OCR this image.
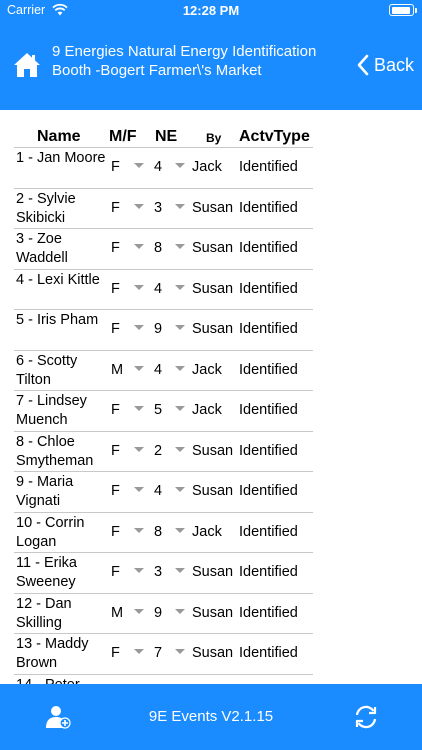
Carrier	12:28 PM
9 Energies Natural Energy Identification Booth -Bogert Farmer\'s Market	Back
Name M/F NE By ActvType
1 - Jan Moore
F 4 Jack Identified
2 - Sylvie Skibicki
F 3 Susan Identified
3 - Zoe Waddell
F 8 Susan Identified
4 - Lexi Kittle
F 4 Susan Identified
5 - Iris Pham
F 9 Susan Identified
6 - Scotty Tilton
M 4 Jack Identified
7 - Lindsey Muench
F 5 Jack Identified
8 - Chloe Smytheman
F 2 Susan Identified
9 - Maria Vignati
F 4 Susan Identified
10 - Corrin Logan
F 8 Jack Identified
11 - Erika Sweeney
F 3 Susan Identified
12 - Dan Skilling
M 9 Susan Identified
13 - Maddy Brown
F 7 Susan Identified
9E Events V2.1.15
